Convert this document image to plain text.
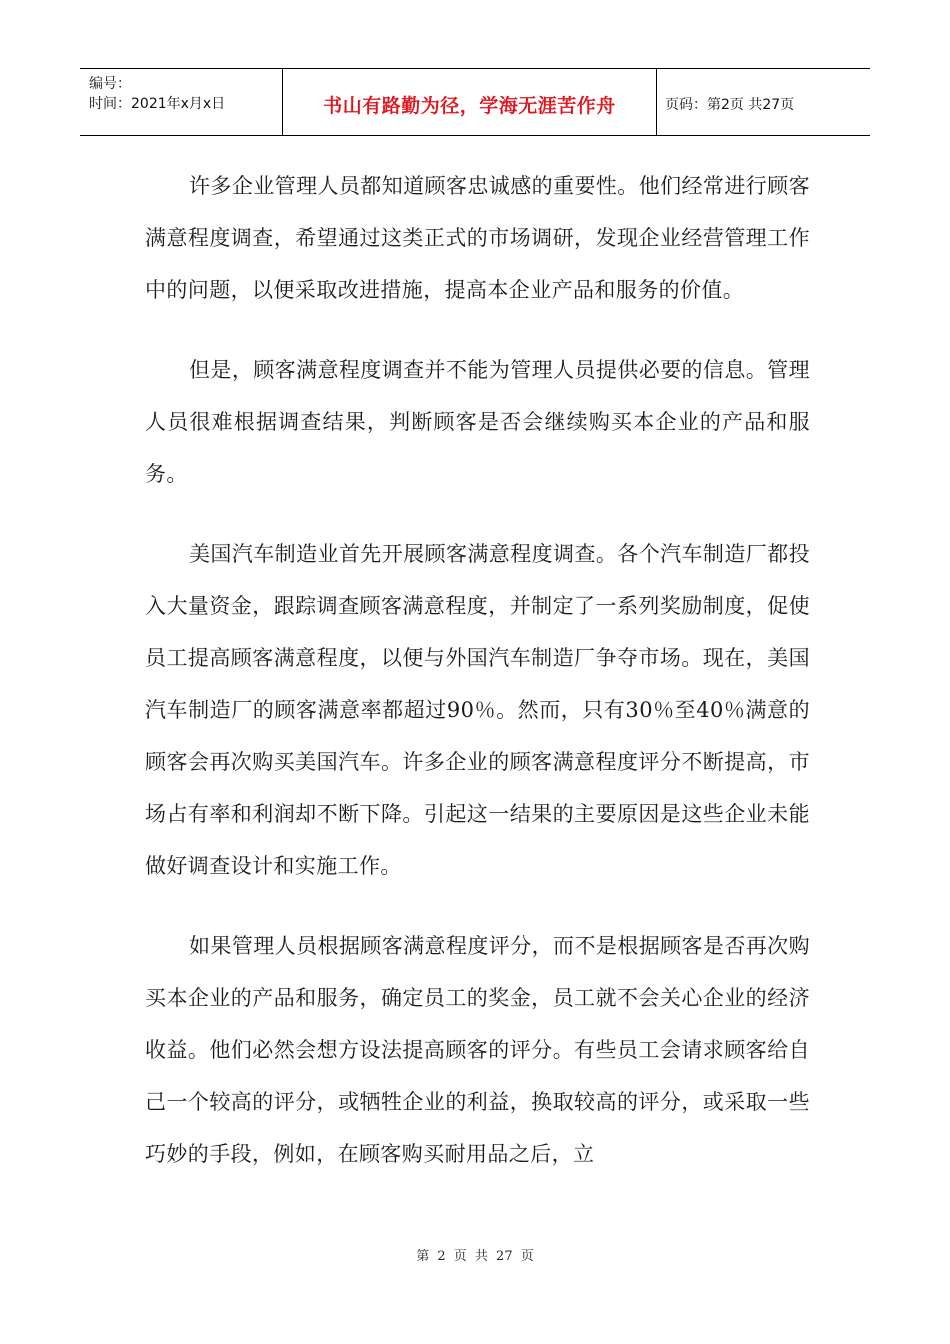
编号：
时间：2021年x月x日	书山有路勤为径，学海无涯苦作舟	页码：第2页 共27页

许多企业管理人员都知道顾客忠诚感的重要性。他们经常进行顾客满意程度调查，希望通过这类正式的市场调研，发现企业经营管理工作中的问题，以便采取改进措施，提高本企业产品和服务的价值。

但是，顾客满意程度调查并不能为管理人员提供必要的信息。管理人员很难根据调查结果，判断顾客是否会继续购买本企业的产品和服务。

美国汽车制造业首先开展顾客满意程度调查。各个汽车制造厂都投入大量资金，跟踪调查顾客满意程度，并制定了一系列奖励制度，促使员工提高顾客满意程度，以便与外国汽车制造厂争夺市场。现在，美国汽车制造厂的顾客满意率都超过90％。然而，只有30％至40％满意的顾客会再次购买美国汽车。许多企业的顾客满意程度评分不断提高，市场占有率和利润却不断下降。引起这一结果的主要原因是这些企业未能做好调查设计和实施工作。

如果管理人员根据顾客满意程度评分，而不是根据顾客是否再次购买本企业的产品和服务，确定员工的奖金，员工就不会关心企业的经济收益。他们必然会想方设法提高顾客的评分。有些员工会请求顾客给自己一个较高的评分，或牺牲企业的利益，换取较高的评分，或采取一些巧妙的手段，例如，在顾客购买耐用品之后，立

第 2 页 共 27 页
